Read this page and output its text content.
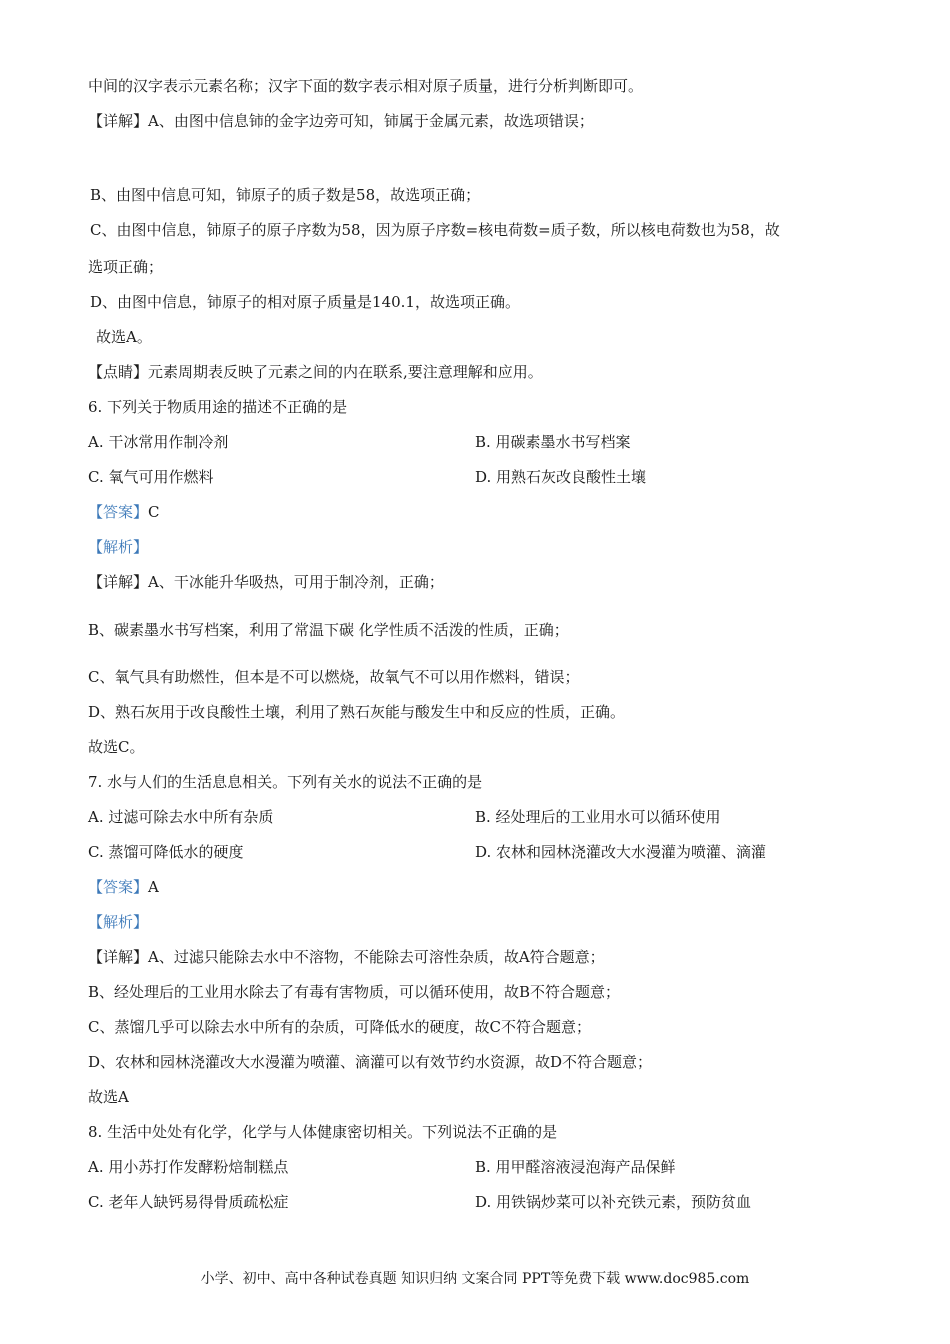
中间的汉字表示元素名称；汉字下面的数字表示相对原子质量，进行分析判断即可。
【详解】A、由图中信息铈的金字边旁可知，铈属于金属元素，故选项错误；
B、由图中信息可知，铈原子的质子数是58，故选项正确；
C、由图中信息，铈原子的原子序数为58，因为原子序数=核电荷数=质子数，所以核电荷数也为58，故
选项正确；
D、由图中信息，铈原子的相对原子质量是140.1，故选项正确。
故选A。
【点睛】元素周期表反映了元素之间的内在联系,要注意理解和应用。
6. 下列关于物质用途的描述不正确的是
A. 干冰常用作制冷剂	B. 用碳素墨水书写档案
C. 氧气可用作燃料	D. 用熟石灰改良酸性土壤
【答案】C
【解析】
【详解】A、干冰能升华吸热，可用于制冷剂，正确；
B、碳素墨水书写档案，利用了常温下碳 化学性质不活泼的性质，正确；
C、氧气具有助燃性，但本是不可以燃烧，故氧气不可以用作燃料，错误；
D、熟石灰用于改良酸性土壤，利用了熟石灰能与酸发生中和反应的性质，正确。
故选C。
7. 水与人们的生活息息相关。下列有关水的说法不正确的是
A. 过滤可除去水中所有杂质	B. 经处理后的工业用水可以循环使用
C. 蒸馏可降低水的硬度	D. 农林和园林浇灌改大水漫灌为喷灌、滴灌
【答案】A
【解析】
【详解】A、过滤只能除去水中不溶物，不能除去可溶性杂质，故A符合题意；
B、经处理后的工业用水除去了有毒有害物质，可以循环使用，故B不符合题意；
C、蒸馏几乎可以除去水中所有的杂质，可降低水的硬度，故C不符合题意；
D、农林和园林浇灌改大水漫灌为喷灌、滴灌可以有效节约水资源，故D不符合题意；
故选A
8. 生活中处处有化学，化学与人体健康密切相关。下列说法不正确的是
A. 用小苏打作发酵粉焙制糕点	B. 用甲醛溶液浸泡海产品保鲜
C. 老年人缺钙易得骨质疏松症	D. 用铁锅炒菜可以补充铁元素，预防贫血
小学、初中、高中各种试卷真题 知识归纳 文案合同 PPT等免费下载 www.doc985.com
